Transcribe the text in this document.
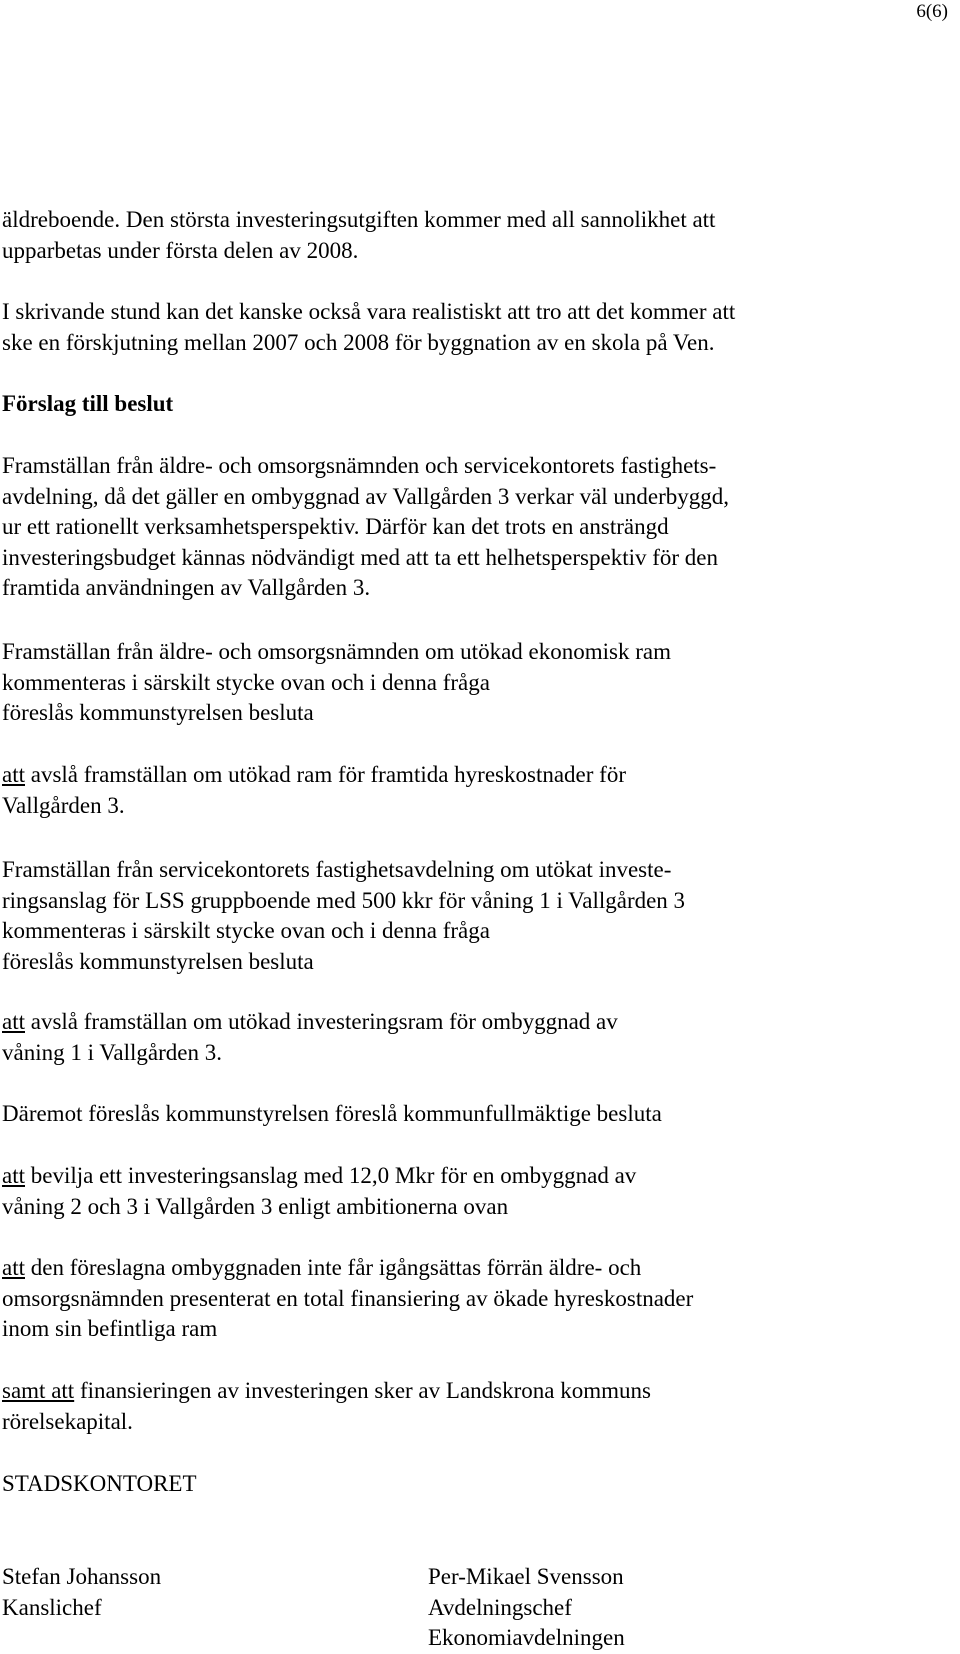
6(6)

äldreboende. Den största investeringsutgiften kommer med all sannolikhet att
upparbetas under första delen av 2008.

I skrivande stund kan det kanske också vara realistiskt att tro att det kommer att
ske en förskjutning mellan 2007 och 2008 för byggnation av en skola på Ven.

Förslag till beslut

Framställan från äldre- och omsorgsnämnden och servicekontorets fastighets-
avdelning, då det gäller en ombyggnad av Vallgården 3 verkar väl underbyggd,
ur ett rationellt verksamhetsperspektiv. Därför kan det trots en ansträngd
investeringsbudget kännas nödvändigt med att ta ett helhetsperspektiv för den
framtida användningen av Vallgården 3.

Framställan från äldre- och omsorgsnämnden om utökad ekonomisk ram
kommenteras i särskilt stycke ovan och i denna fråga
föreslås kommunstyrelsen besluta

att avslå framställan om utökad ram för framtida hyreskostnader för
Vallgården 3.

Framställan från servicekontorets fastighetsavdelning om utökat investe-
ringsanslag för LSS gruppboende med 500 kkr för våning 1 i Vallgården 3
kommenteras i särskilt stycke ovan och i denna fråga
föreslås kommunstyrelsen besluta

att avslå framställan om utökad investeringsram för ombyggnad av
våning 1 i Vallgården 3.

Däremot föreslås kommunstyrelsen föreslå kommunfullmäktige besluta

att bevilja ett investeringsanslag med 12,0 Mkr för en ombyggnad av
våning 2 och 3 i Vallgården 3 enligt ambitionerna ovan

att den föreslagna ombyggnaden inte får igångsättas förrän äldre- och
omsorgsnämnden presenterat en total finansiering av ökade hyreskostnader
inom sin befintliga ram

samt att finansieringen av investeringen sker av Landskrona kommuns
rörelsekapital.

STADSKONTORET

Stefan Johansson
Kanslichef
Per-Mikael Svensson
Avdelningschef
Ekonomiavdelningen
